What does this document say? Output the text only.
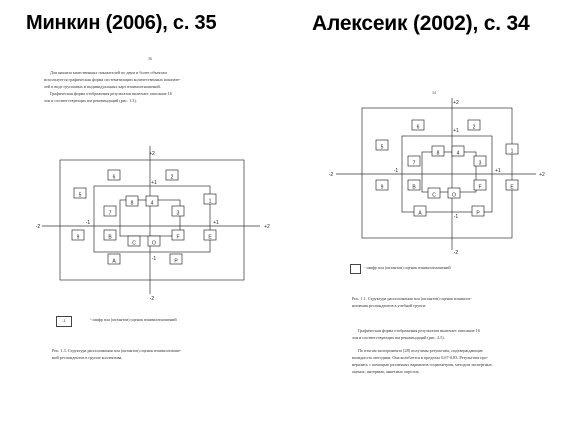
Минкин (2006), с. 35	Алексеик (2002), с. 34
36
Для анализа качественных показателей по двум и более объектам
используется графическая форма систематизации количественных показате-
лей в виде групповых и индивидуальных карт взаимоотношений.
Графическая форма отображения результатов включает описание 16
зон и соответствующих им рекомендаций (рис. 1.3).
6	2
8	4
7	3
5
1
9	B	F	E
C	O
A	P
+2
-2
-2	+2
+1
-1
-1	+1
-1	- шифр зон (октантов) оценок взаимоотношений
Рис. 1.3. Структура расположения зон (октантов) оценок взаимоотноше-
ний респондентов в группе коллектива.
34
6	2
8	4
7	3
5
1
9	B	F	E
C	O
A	P
+2
-2
-2	+2
+1
-1
-1	+1
- шифр зон (октантов) оценок взаимоотношений
Рис. 1.1. Структура расположения зон (октантов) оценок взаимоот-
ношения респондентов в учебной группе.
Графическая форма отображения результатов включает описание 16
зон и соответствующих им рекомендаций (рис. 2.5).
По итогам эксперимента [28] получены результаты, подтверждающие
валидность методики. Она колеблется в пределах 0,67-0,83. Результаты про-
верялись с помощью различных вариантов социометрии, методом экспертных
оценок, интервью, анкетных опросов.
